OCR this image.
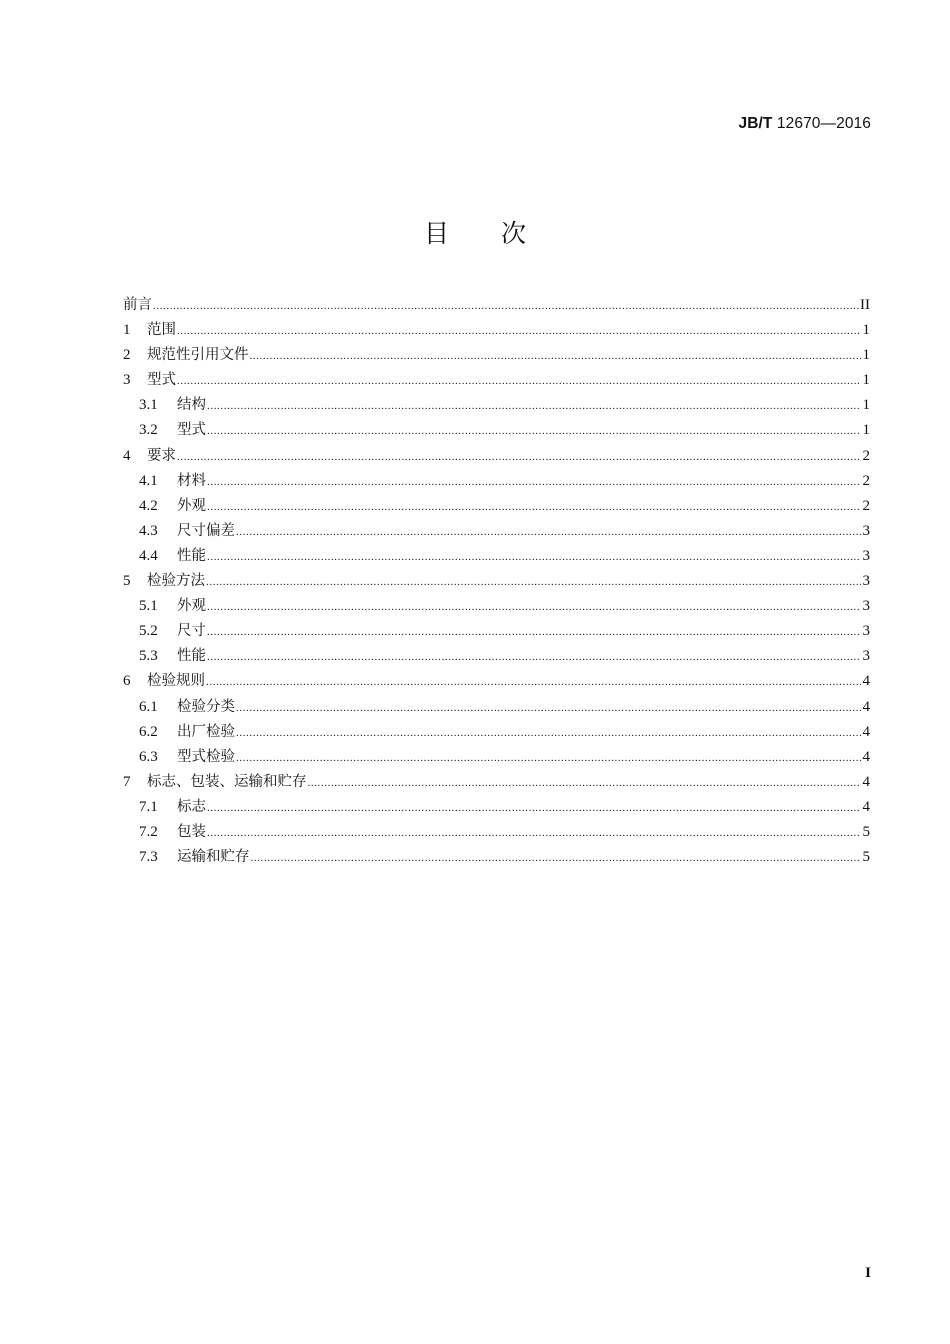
JB/T 12670—2016
目 次
前言 .....	II
1	范围 .....	1
2	规范性引用文件 .....	1
3	型式 .....	1
3.1	结构 .....	1
3.2	型式 .....	1
4	要求 .....	2
4.1	材料 .....	2
4.2	外观 .....	2
4.3	尺寸偏差 .....	3
4.4	性能 .....	3
5	检验方法 .....	3
5.1	外观 .....	3
5.2	尺寸 .....	3
5.3	性能 .....	3
6	检验规则 .....	4
6.1	检验分类 .....	4
6.2	出厂检验 .....	4
6.3	型式检验 .....	4
7	标志、包装、运输和贮存 .....	4
7.1	标志 .....	4
7.2	包装 .....	5
7.3	运输和贮存 .....	5
I
